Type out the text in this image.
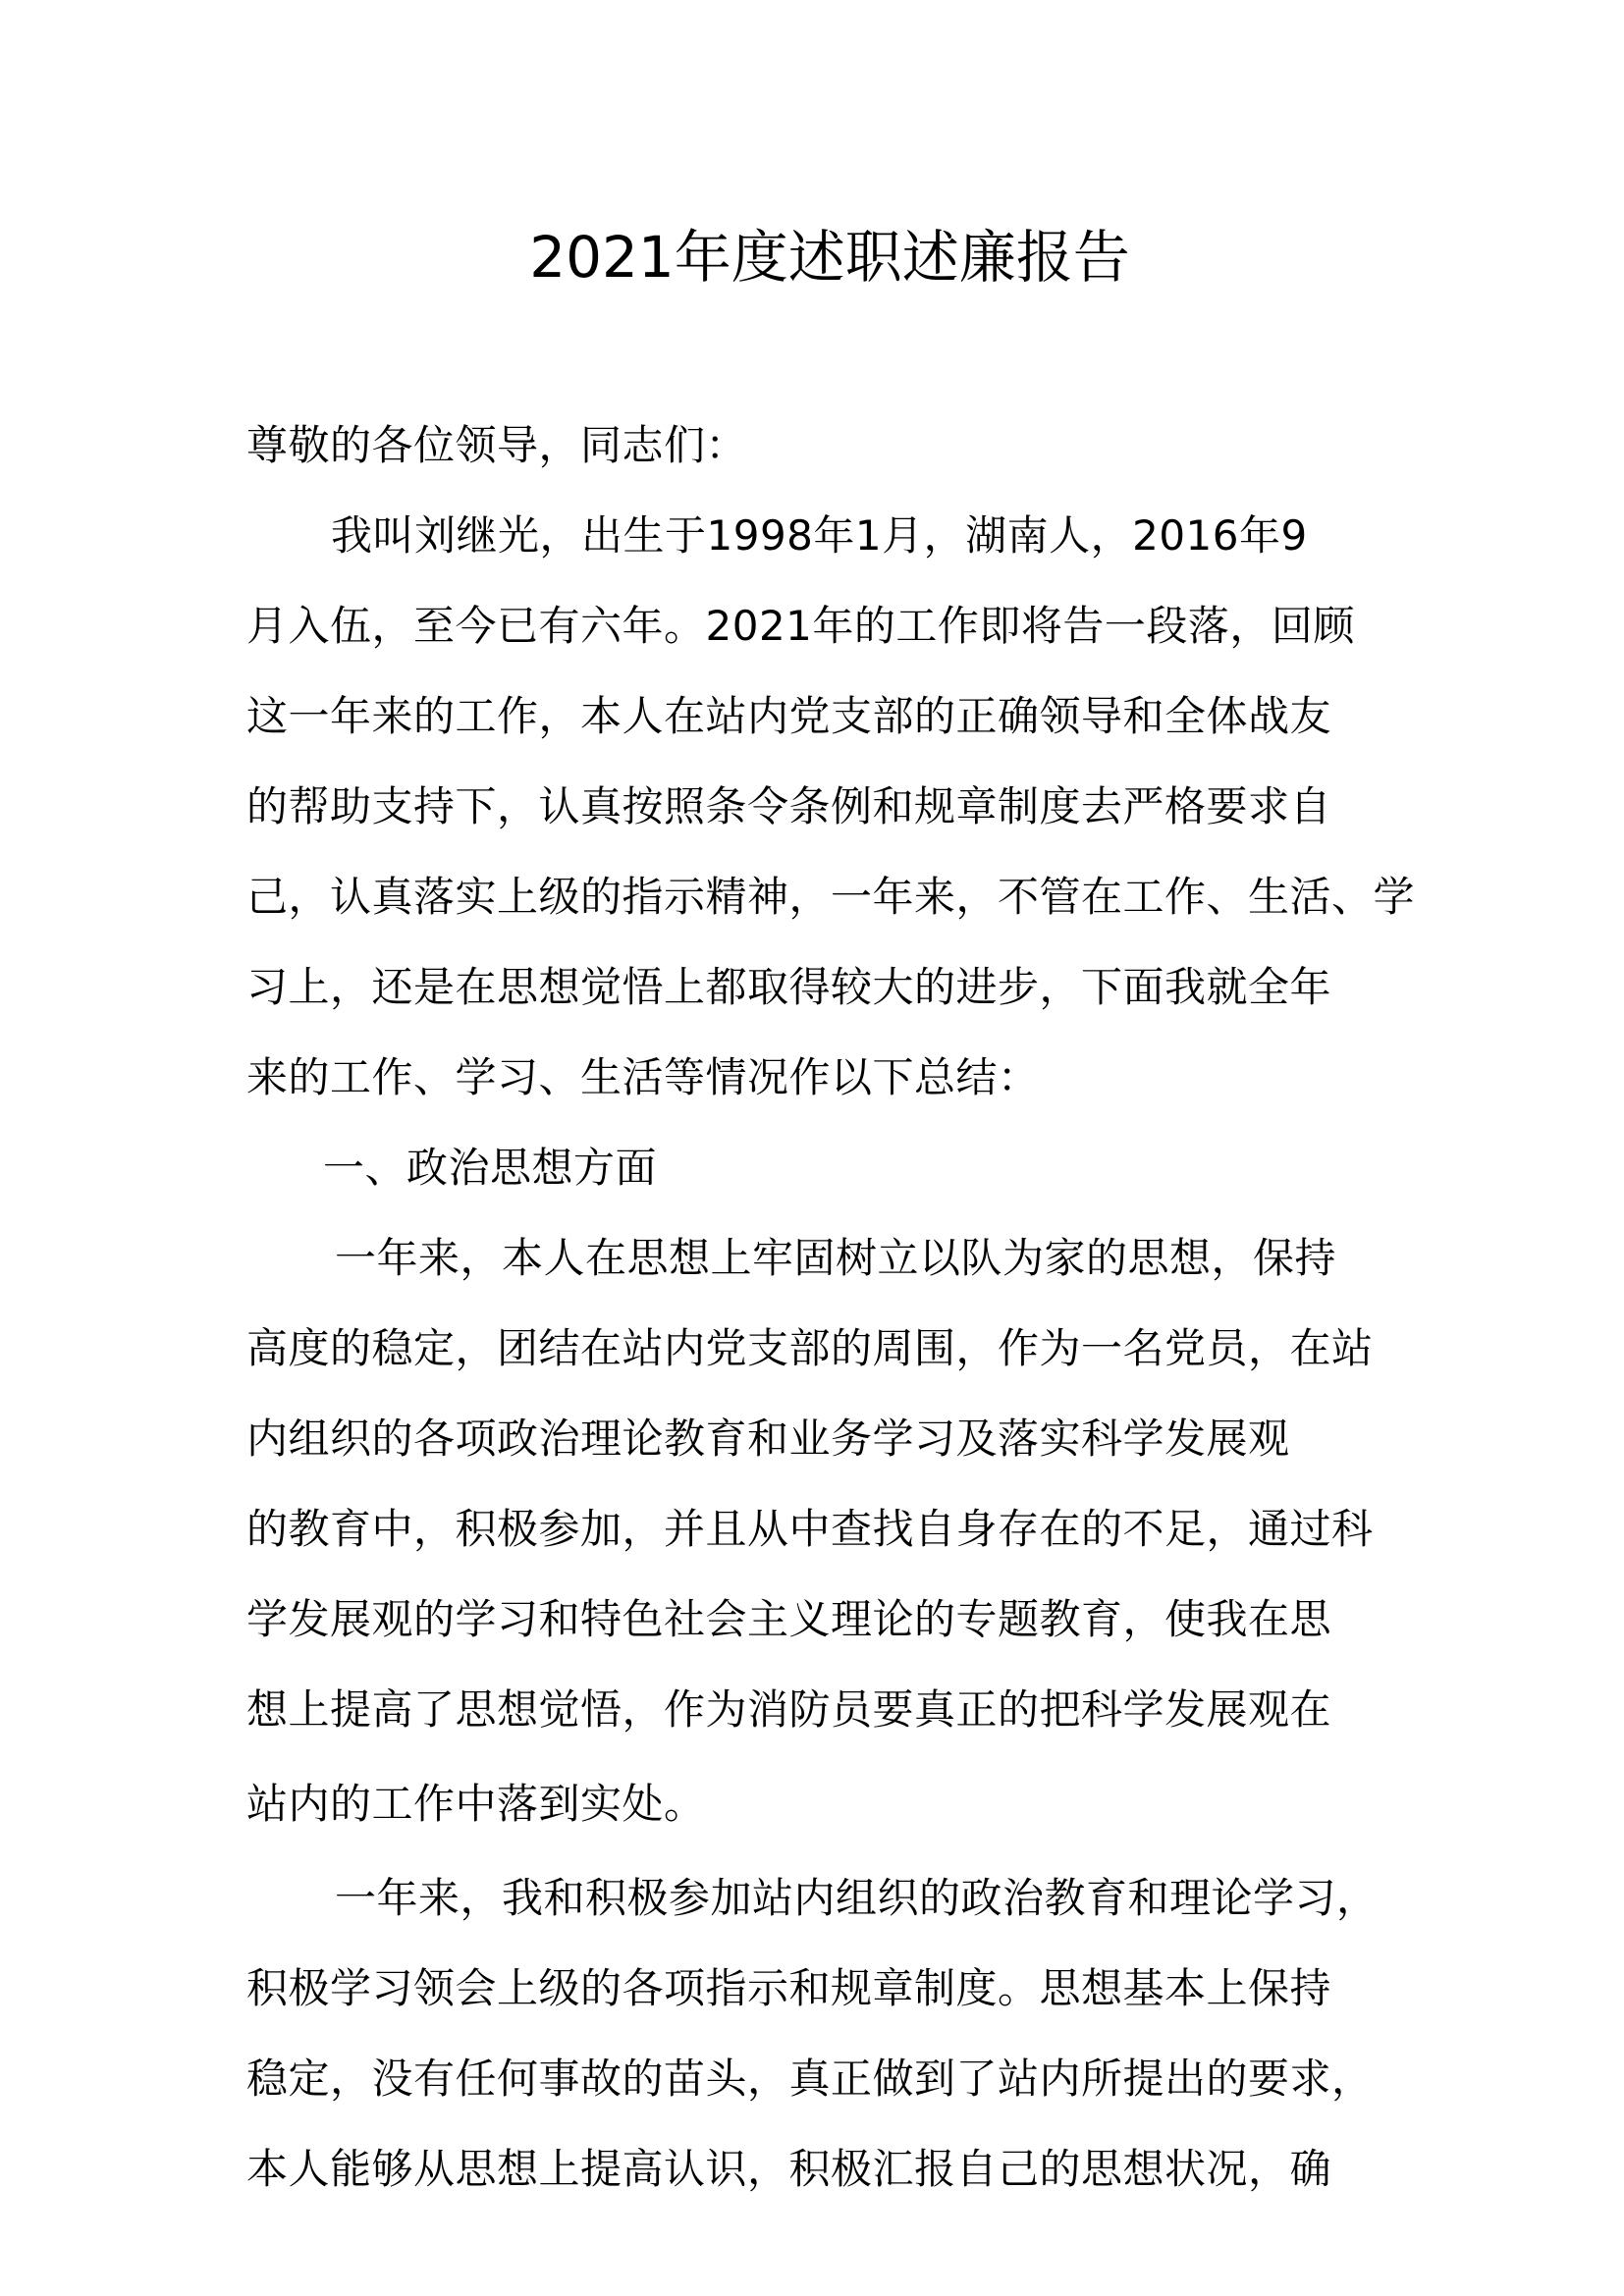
2021年度述职述廉报告
尊敬的各位领导，同志们：
我叫刘继光，出生于1998年1月，湖南人，2016年9
月入伍，至今已有六年。2021年的工作即将告一段落，回顾
这一年来的工作，本人在站内党支部的正确领导和全体战友
的帮助支持下，认真按照条令条例和规章制度去严格要求自
己，认真落实上级的指示精神，一年来，不管在工作、生活、学
习上，还是在思想觉悟上都取得较大的进步，下面我就全年
来的工作、学习、生活等情况作以下总结：
一、政治思想方面
一年来，本人在思想上牢固树立以队为家的思想，保持
高度的稳定，团结在站内党支部的周围，作为一名党员，在站
内组织的各项政治理论教育和业务学习及落实科学发展观
的教育中，积极参加，并且从中查找自身存在的不足，通过科
学发展观的学习和特色社会主义理论的专题教育，使我在思
想上提高了思想觉悟，作为消防员要真正的把科学发展观在
站内的工作中落到实处。
一年来，我和积极参加站内组织的政治教育和理论学习，
积极学习领会上级的各项指示和规章制度。思想基本上保持
稳定，没有任何事故的苗头，真正做到了站内所提出的要求，
本人能够从思想上提高认识，积极汇报自己的思想状况，确
